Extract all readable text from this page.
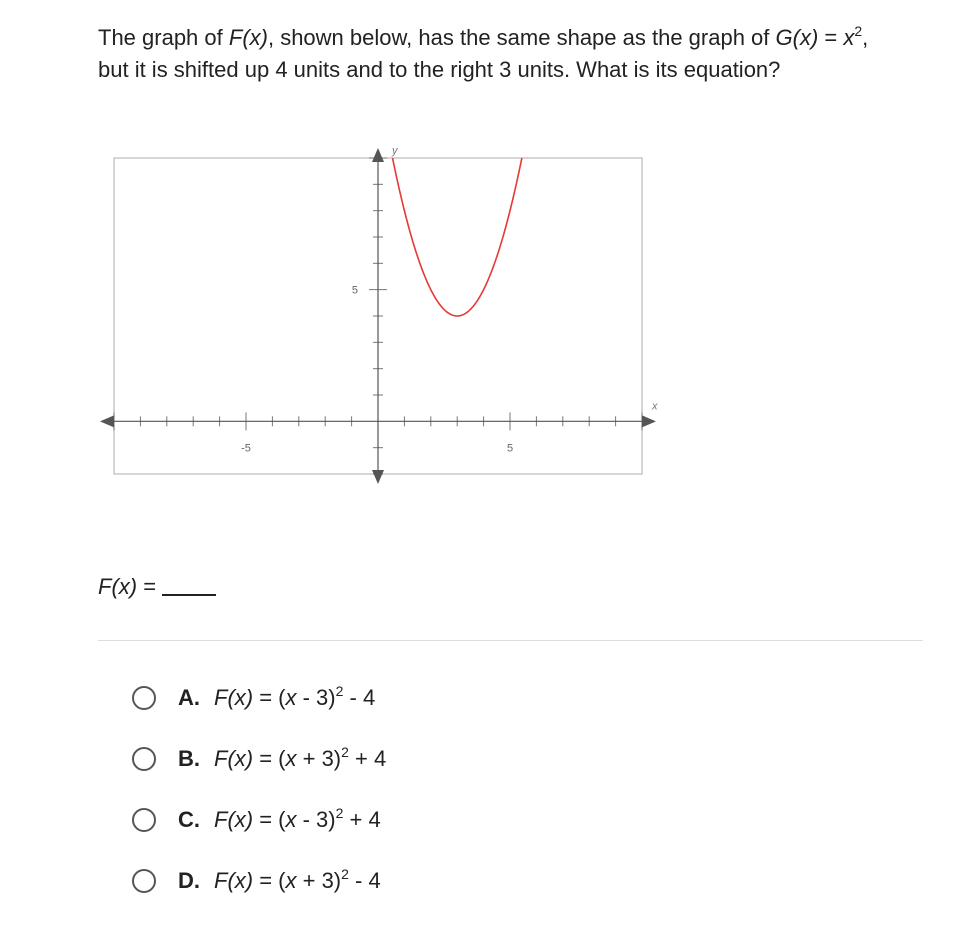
The graph of F(x), shown below, has the same shape as the graph of $G(x) = x^2$, but it is shifted up 4 units and to the right 3 units. What is its equation?
x
y
-5	5
5
F(x) =
A. F(x) = (x - 3)$^2$ - 4
B. $F(x) = (x + 3)^2 + 4$
C. F(x) = (x - 3)$^2$ + 4
D. $F(x) = (x + 3)^2 - 4$
